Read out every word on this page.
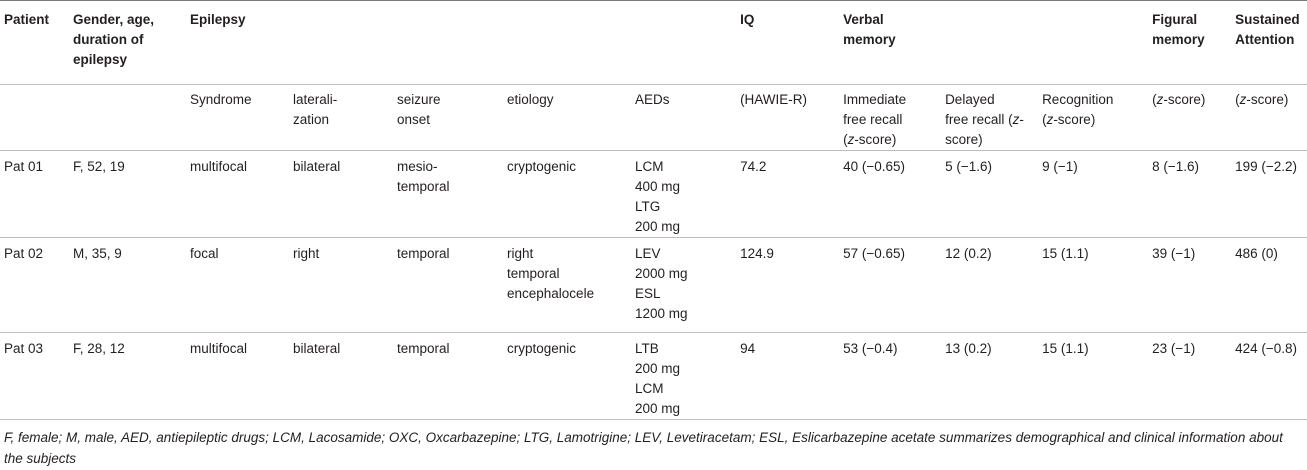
Patient	Gender, age,
duration of
epilepsy	Epilepsy					IQ	Verbal
memory			Figural
memory	Sustained
Attention
		Syndrome	laterali-
zation	seizure
onset	etiology	AEDs	(HAWIE-R)	Immediate
free recall
(z-score)	Delayed
free recall (z-score)	Recognition
(z-score)	(z-score)	(z-score)
Pat 01	F, 52, 19	multifocal	bilateral	mesio-
temporal	cryptogenic	LCM
400 mg
LTG
200 mg	74.2	40 (−0.65)	5 (−1.6)	9 (−1)	8 (−1.6)	199 (−2.2)
Pat 02	M, 35, 9	focal	right	temporal	right
temporal
encephalocele	LEV
2000 mg
ESL
1200 mg	124.9	57 (−0.65)	12 (0.2)	15 (1.1)	39 (−1)	486 (0)
Pat 03	F, 28, 12	multifocal	bilateral	temporal	cryptogenic	LTB
200 mg
LCM
200 mg	94	53 (−0.4)	13 (0.2)	15 (1.1)	23 (−1)	424 (−0.8)
F, female; M, male, AED, antiepileptic drugs; LCM, Lacosamide; OXC, Oxcarbazepine; LTG, Lamotrigine; LEV, Levetiracetam; ESL, Eslicarbazepine acetate summarizes demographical and clinical information about the subjects
